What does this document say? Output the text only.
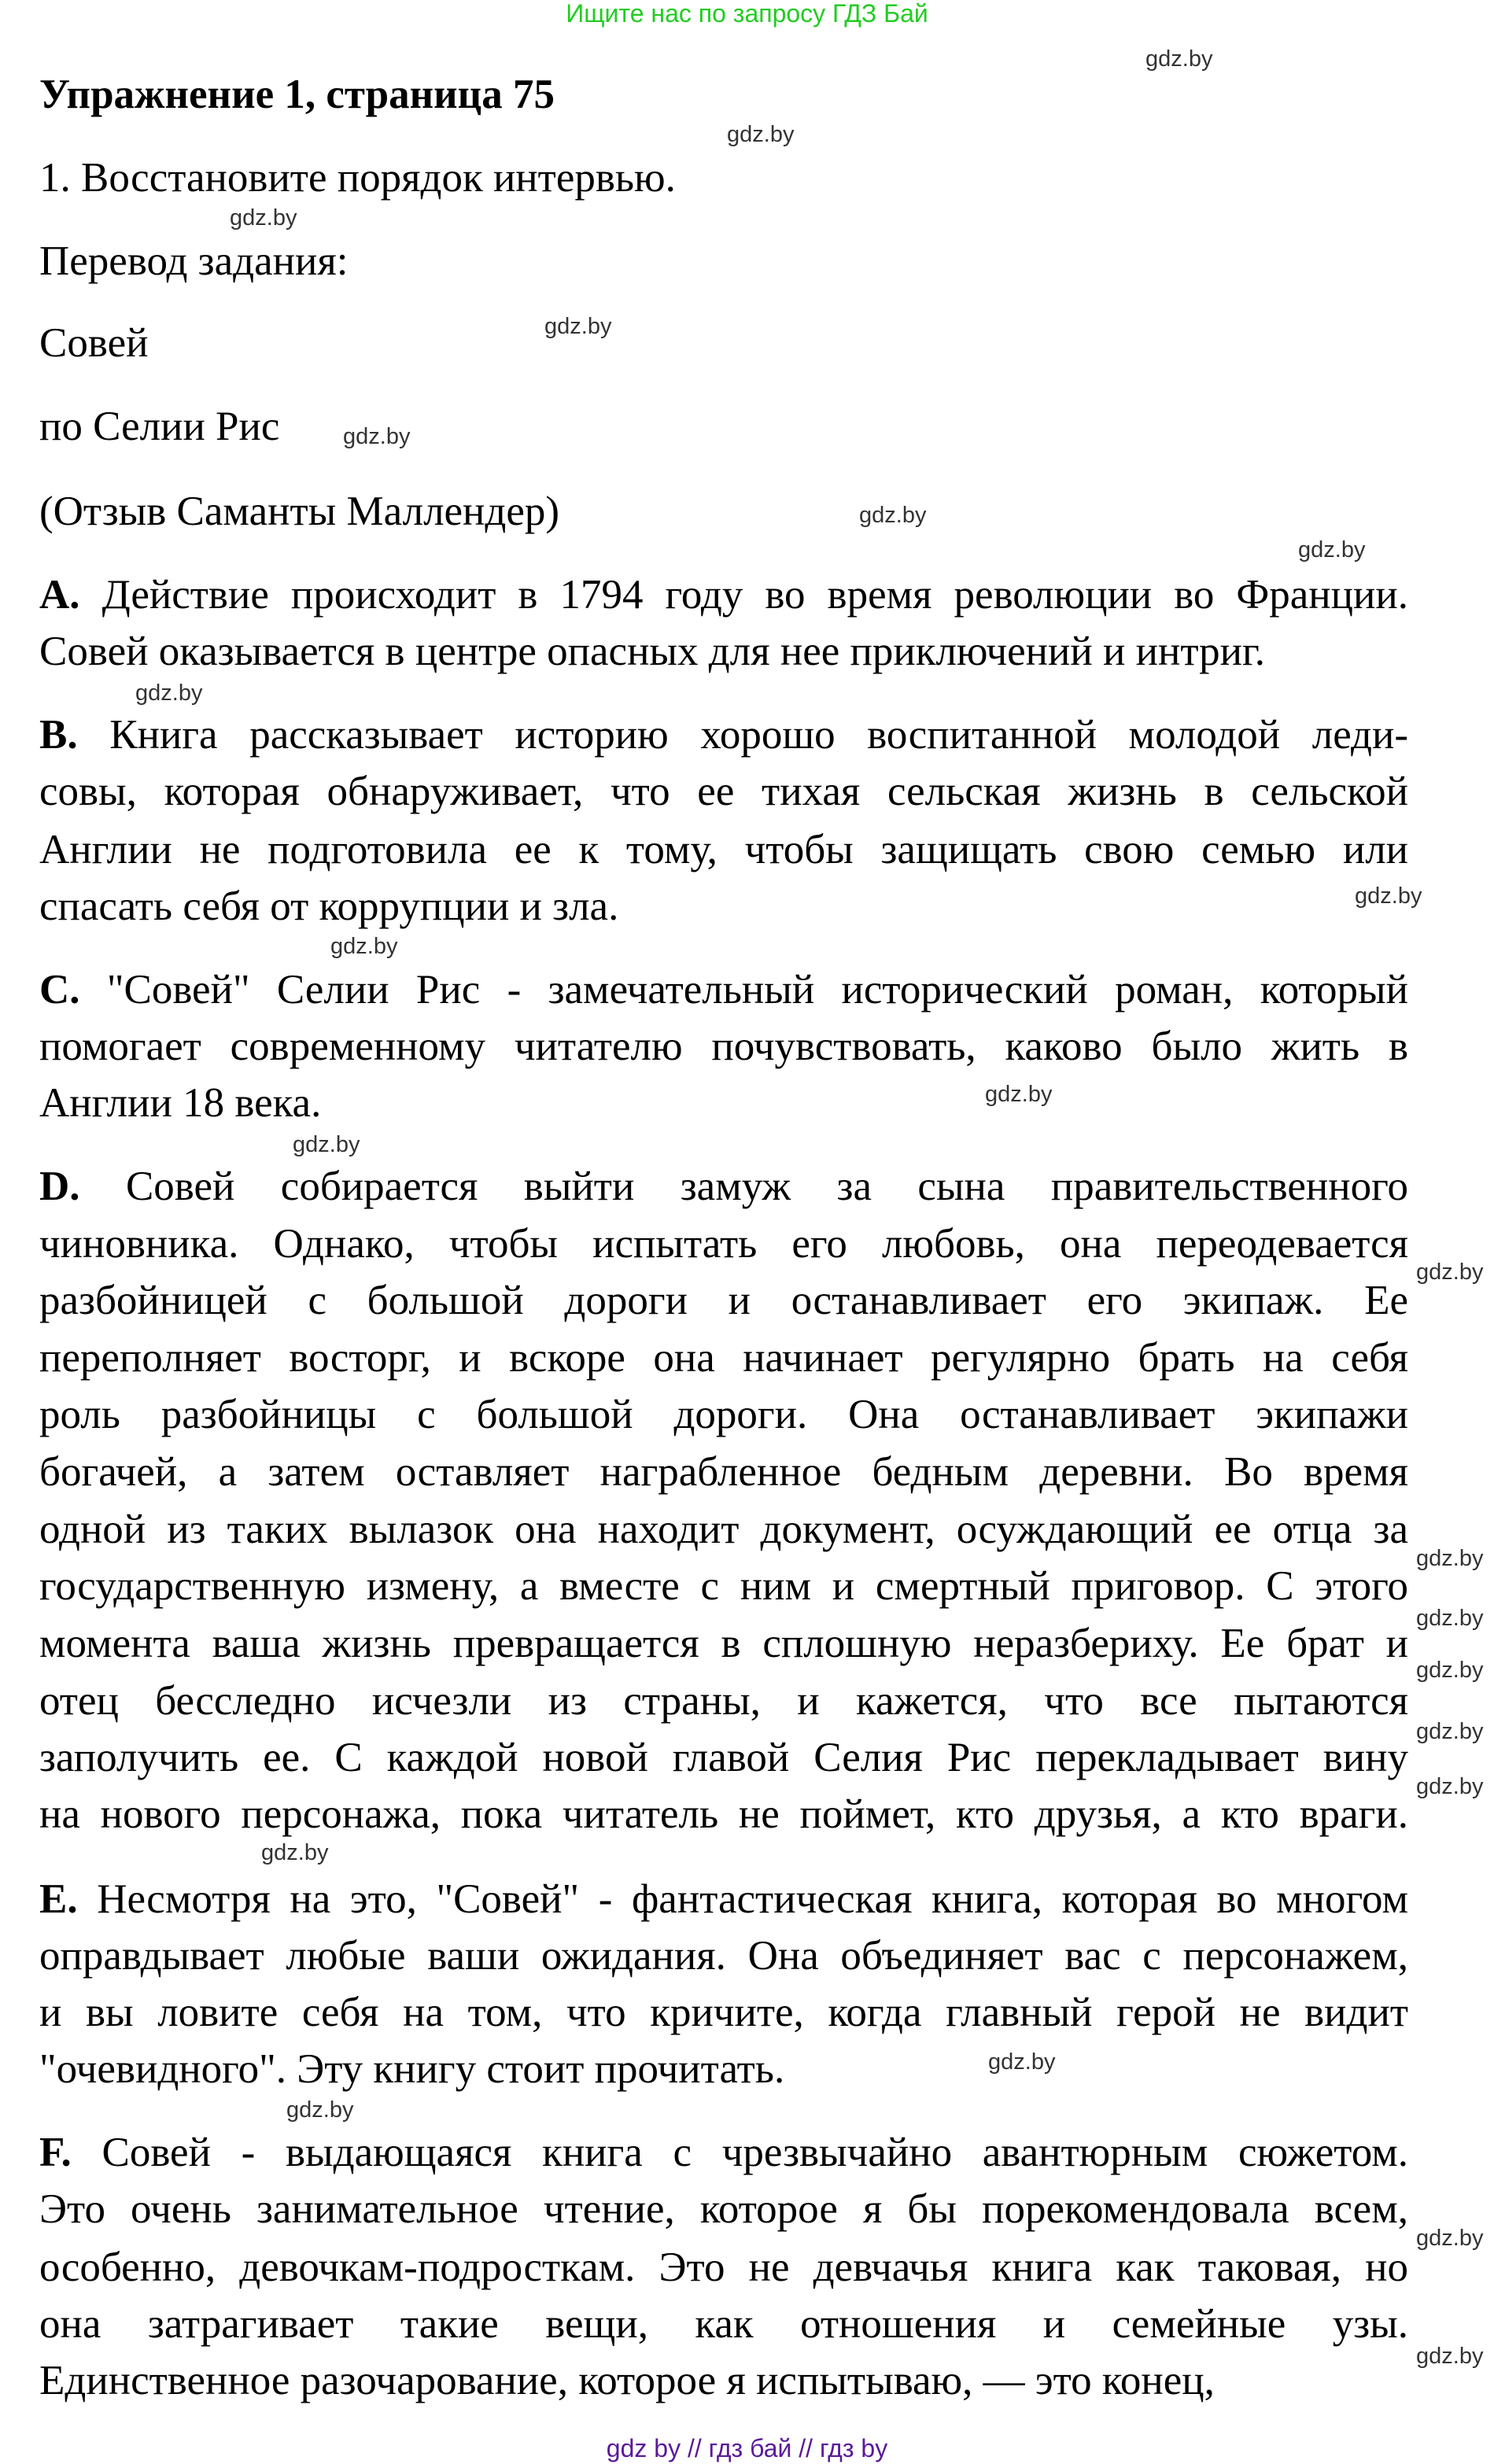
Ищите нас по запросу ГДЗ Бай
Упражнение 1, страница 75
1. Восстановите порядок интервью.
Перевод задания:
Совей
по Селии Рис
(Отзыв Саманты Маллендер)
A. Действие происходит в 1794 году во время революции во Франции.
Совей оказывается в центре опасных для нее приключений и интриг.
B. Книга рассказывает историю хорошо воспитанной молодой леди-
совы, которая обнаруживает, что ее тихая сельская жизнь в сельской
Англии не подготовила ее к тому, чтобы защищать свою семью или
спасать себя от коррупции и зла.
C. "Совей" Селии Рис - замечательный исторический роман, который
помогает современному читателю почувствовать, каково было жить в
Англии 18 века.
D. Совей собирается выйти замуж за сына правительственного
чиновника. Однако, чтобы испытать его любовь, она переодевается
разбойницей с большой дороги и останавливает его экипаж. Ее
переполняет восторг, и вскоре она начинает регулярно брать на себя
роль разбойницы с большой дороги. Она останавливает экипажи
богачей, а затем оставляет награбленное бедным деревни. Во время
одной из таких вылазок она находит документ, осуждающий ее отца за
государственную измену, а вместе с ним и смертный приговор. С этого
момента ваша жизнь превращается в сплошную неразбериху. Ее брат и
отец бесследно исчезли из страны, и кажется, что все пытаются
заполучить ее. С каждой новой главой Селия Рис перекладывает вину
на нового персонажа, пока читатель не поймет, кто друзья, а кто враги.
E. Несмотря на это, "Совей" - фантастическая книга, которая во многом
оправдывает любые ваши ожидания. Она объединяет вас с персонажем,
и вы ловите себя на том, что кричите, когда главный герой не видит
"очевидного". Эту книгу стоит прочитать.
F. Совей - выдающаяся книга с чрезвычайно авантюрным сюжетом.
Это очень занимательное чтение, которое я бы порекомендовала всем,
особенно, девочкам-подросткам. Это не девчачья книга как таковая, но
она затрагивает такие вещи, как отношения и семейные узы.
Единственное разочарование, которое я испытываю, — это конец,
gdz.by
gdz.by
gdz.by
gdz.by
gdz.by
gdz.by
gdz.by
gdz.by
gdz.by
gdz.by
gdz.by
gdz.by
gdz.by
gdz.by
gdz.by
gdz.by
gdz.by
gdz.by
gdz.by
gdz.by
gdz.by
gdz.by
gdz.by
gdz by // гдз бай // гдз by
